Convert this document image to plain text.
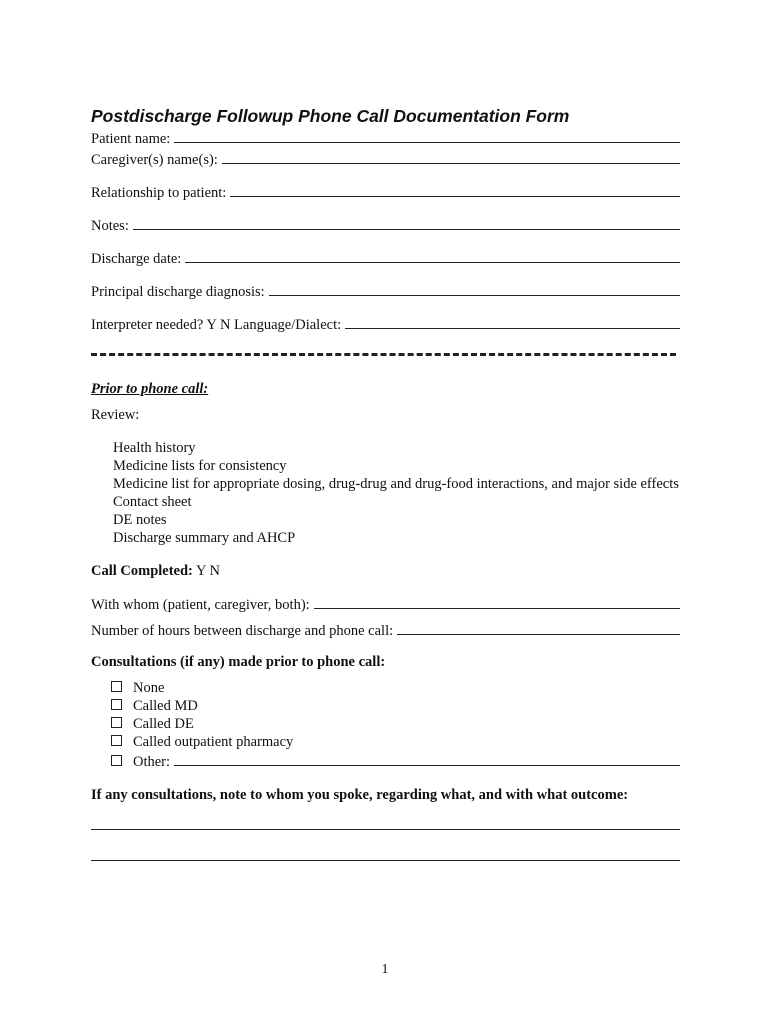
Postdischarge Followup Phone Call Documentation Form
Patient name:
Caregiver(s) name(s):
Relationship to patient:
Notes:
Discharge date:
Principal discharge diagnosis:
Interpreter needed? Y N Language/Dialect:
Prior to phone call:
Review:
Health history
Medicine lists for consistency
Medicine list for appropriate dosing, drug-drug and drug-food interactions, and major side effects
Contact sheet
DE notes
Discharge summary and AHCP
Call Completed: Y N
With whom (patient, caregiver, both):
Number of hours between discharge and phone call:
Consultations (if any) made prior to phone call:
None
Called MD
Called DE
Called outpatient pharmacy
Other:
If any consultations, note to whom you spoke, regarding what, and with what outcome:
1
